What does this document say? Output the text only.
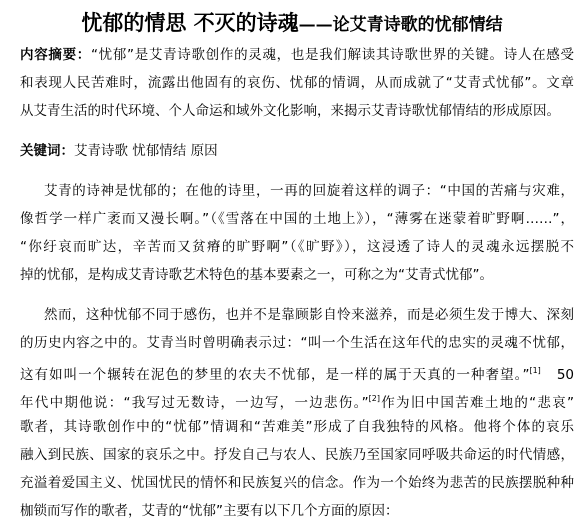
忧郁的情思 不灭的诗魂——论艾青诗歌的忧郁情结
内容摘要：“忧郁”是艾青诗歌创作的灵魂，也是我们解读其诗歌世界的关键。诗人在感受
和表现人民苦难时，流露出他固有的哀伤、忧郁的情调，从而成就了“艾青式忧郁”。文章
从艾青生活的时代环境、个人命运和域外文化影响，来揭示艾青诗歌忧郁情结的形成原因。
关键词：艾青诗歌 忧郁情结 原因
艾青的诗神是忧郁的；在他的诗里，一再的回旋着这样的调子：“中国的苦痛与灾难，
像哲学一样广袤而又漫长啊。”（《雪落在中国的土地上》），“薄雾在迷蒙着旷野啊……”，
“你纡哀而旷达，辛苦而又贫瘠的旷野啊”（《旷野》），这浸透了诗人的灵魂永远摆脱不
掉的忧郁，是构成艾青诗歌艺术特色的基本要素之一，可称之为“艾青式忧郁”。
然而，这种忧郁不同于感伤，也并不是靠顾影自怜来滋养，而是必须生发于博大、深刻
的历史内容之中的。艾青当时曾明确表示过：“叫一个生活在这年代的忠实的灵魂不忧郁，
这有如叫一个辗转在泥色的梦里的农夫不忧郁，是一样的属于天真的一种奢望。”[1] 50
年代中期他说：“我写过无数诗，一边写，一边悲伤。”[2]作为旧中国苦难土地的“悲哀”
歌者，其诗歌创作中的“忧郁”情调和“苦难美”形成了自我独特的风格。他将个体的哀乐
融入到民族、国家的哀乐之中。抒发自己与农人、民族乃至国家同呼吸共命运的时代情感，
充溢着爱国主义、忧国忧民的情怀和民族复兴的信念。作为一个始终为悲苦的民族摆脱种种
枷锁而写作的歌者，艾青的“忧郁”主要有以下几个方面的原因：
